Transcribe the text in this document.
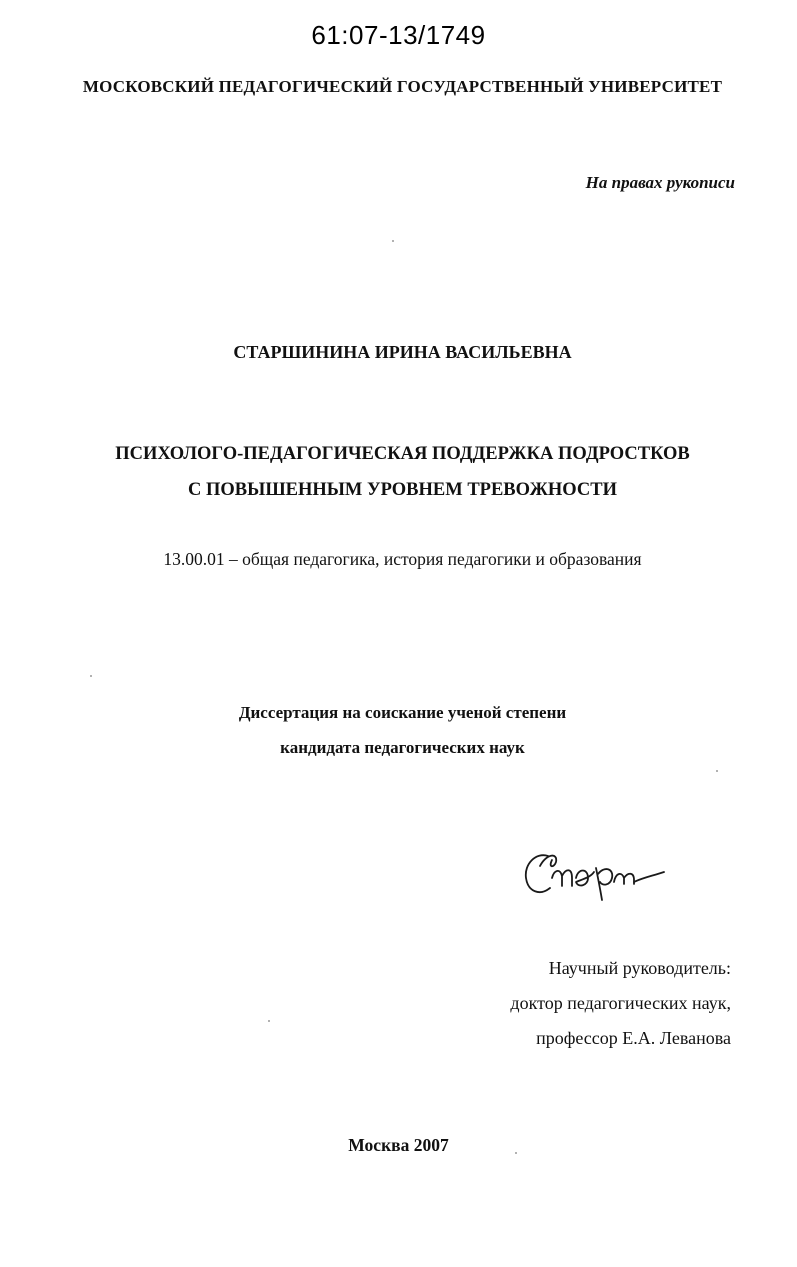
61:07-13/1749
МОСКОВСКИЙ ПЕДАГОГИЧЕСКИЙ ГОСУДАРСТВЕННЫЙ УНИВЕРСИТЕТ
На правах рукописи
СТАРШИНИНА ИРИНА ВАСИЛЬЕВНА
ПСИХОЛОГО-ПЕДАГОГИЧЕСКАЯ ПОДДЕРЖКА ПОДРОСТКОВ
С ПОВЫШЕННЫМ УРОВНЕМ ТРЕВОЖНОСТИ
13.00.01 – общая педагогика, история педагогики и образования
Диссертация на соискание ученой степени
кандидата педагогических наук
Научный руководитель:
доктор педагогических наук,
профессор Е.А. Леванова
Москва 2007
